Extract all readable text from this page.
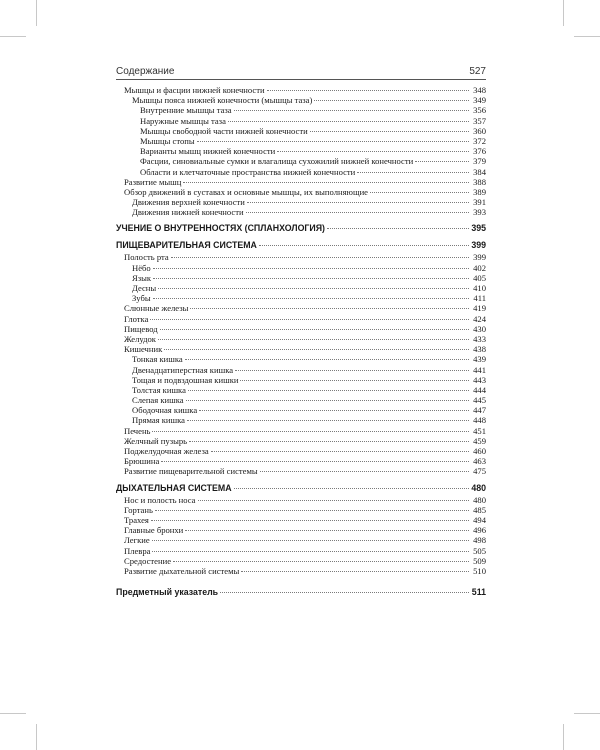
Содержание	527
Мышцы и фасции нижней конечности	348
Мышцы пояса нижней конечности (мышцы таза)	349
Внутренние мышцы таза	356
Наружные мышцы таза	357
Мышцы свободной части нижней конечности	360
Мышцы стопы	372
Варианты мышц нижней конечности	376
Фасции, синовиальные сумки и влагалища сухожилий нижней конечности	379
Области и клетчаточные пространства нижней конечности	384
Развитие мышц	388
Обзор движений в суставах и основные мышцы, их выполняющие	389
Движения верхней конечности	391
Движения нижней конечности	393
УЧЕНИЕ О ВНУТРЕННОСТЯХ (СПЛАНХОЛОГИЯ)	395
ПИЩЕВАРИТЕЛЬНАЯ СИСТЕМА	399
Полость рта	399
Нёбо	402
Язык	405
Десны	410
Зубы	411
Слюнные железы	419
Глотка	424
Пищевод	430
Желудок	433
Кишечник	438
Тонкая кишка	439
Двенадцатиперстная кишка	441
Тощая и подвздошная кишки	443
Толстая кишка	444
Слепая кишка	445
Ободочная кишка	447
Прямая кишка	448
Печень	451
Желчный пузырь	459
Поджелудочная железа	460
Брюшина	463
Развитие пищеварительной системы	475
ДЫХАТЕЛЬНАЯ СИСТЕМА	480
Нос и полость носа	480
Гортань	485
Трахея	494
Главные бронхи	496
Легкие	498
Плевра	505
Средостение	509
Развитие дыхательной системы	510
Предметный указатель	511
